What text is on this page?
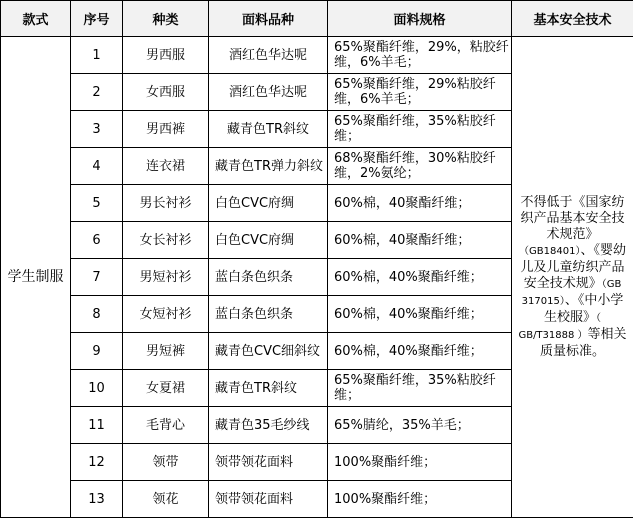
款式	序号	种类	面料品种	面料规格	基本安全技术
学生制服	1	男西服	酒红色华达呢	65%聚酯纤维，29%，粘胶纤维，6%羊毛；	不得低于《国家纺织产品基本安全技术规范》（GB18401）、《婴幼儿及儿童纺织产品安全技术规》（GB 317015）、《中小学生校服》（ GB/T31888 ）等相关质量标准。
	2	女西服	酒红色华达呢	65%聚酯纤维，29%粘胶纤维，6%羊毛；	
	3	男西裤	藏青色TR斜纹	65%聚酯纤维，35%粘胶纤维；	
	4	连衣裙	藏青色TR弹力斜纹	68%聚酯纤维，30%粘胶纤维，2%氨纶；	
	5	男长衬衫	白色CVC府绸	60%棉，40聚酯纤维；	
	6	女长衬衫	白色CVC府绸	60%棉，40聚酯纤维；	
	7	男短衬衫	蓝白条色织条	60%棉，40%聚酯纤维；	
	8	女短衬衫	蓝白条色织条	60%棉，40%聚酯纤维；	
	9	男短裤	藏青色CVC细斜纹	60%棉，40%聚酯纤维；	
	10	女夏裙	藏青色TR斜纹	65%聚酯纤维，35%粘胶纤维；	
	11	毛背心	藏青色35毛纱线	65%腈纶，35%羊毛；	
	12	领带	领带领花面料	100%聚酯纤维；	
	13	领花	领带领花面料	100%聚酯纤维；	
